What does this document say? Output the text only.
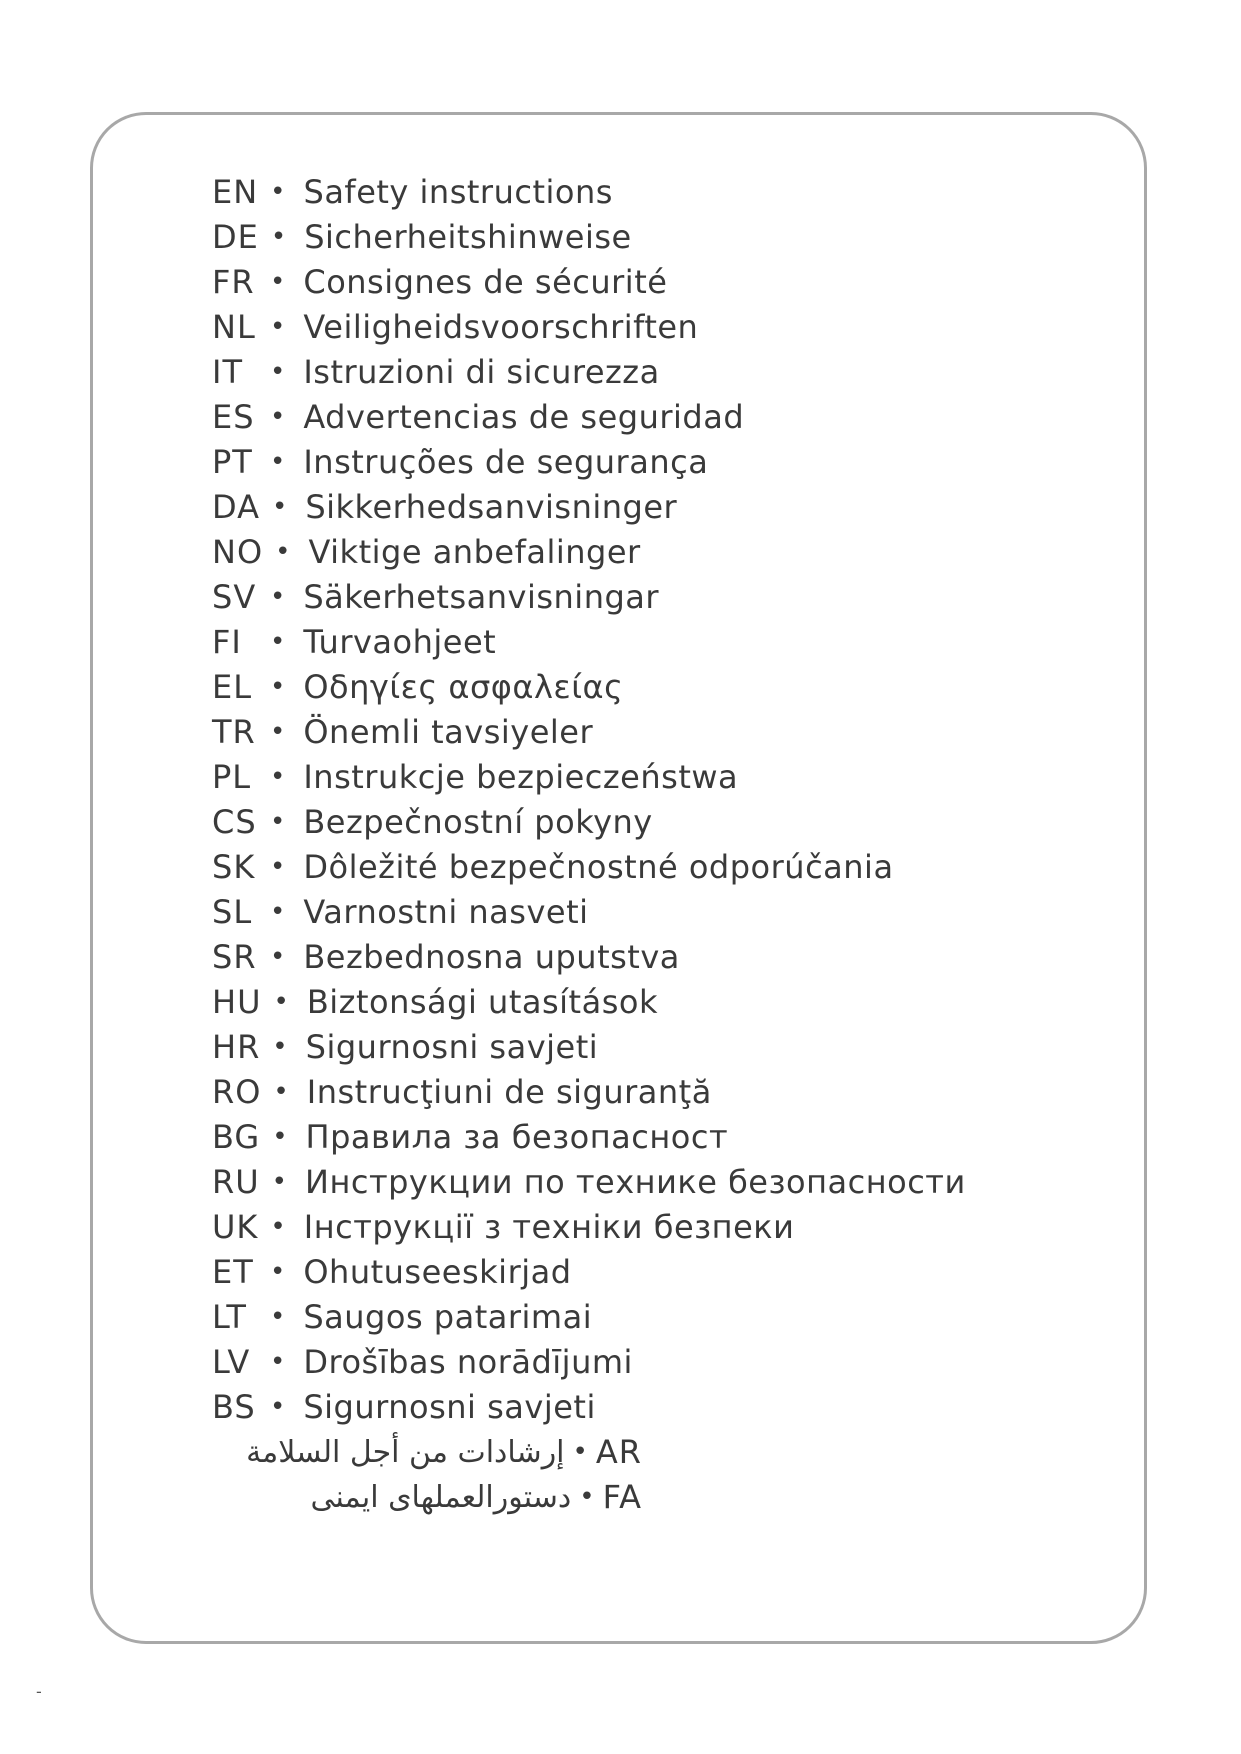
EN • Safety instructions
DE • Sicherheitshinweise
FR • Consignes de sécurité
NL • Veiligheidsvoorschriften
IT	• Istruzioni di sicurezza
ES • Advertencias de seguridad
PT • Instruções de segurança
DA • Sikkerhedsanvisninger
NO • Viktige anbefalinger
SV • Säkerhetsanvisningar
FI	• Turvaohjeet
EL • Οδηγίες ασφαλείας
TR • Önemli tavsiyeler
PL • Instrukcje bezpieczeństwa
CS • Bezpečnostní pokyny
SK • Dôležité bezpečnostné odporúčania
SL • Varnostni nasveti
SR • Bezbednosna uputstva
HU • Biztonsági utasítások
HR • Sigurnosni savjeti
RO • Instrucţiuni de siguranţă
BG • Правила за безопасност
RU • Инструкции по технике безопасности
UK • Інструкції з техніки безпеки
ET • Ohutuseeskirjad
LT • Saugos patarimai
LV • Drošības norādījumi
BS • Sigurnosni savjeti
إرشادات من أجل السلامة • AR
دستورالعملهای ایمنی • FA
-
